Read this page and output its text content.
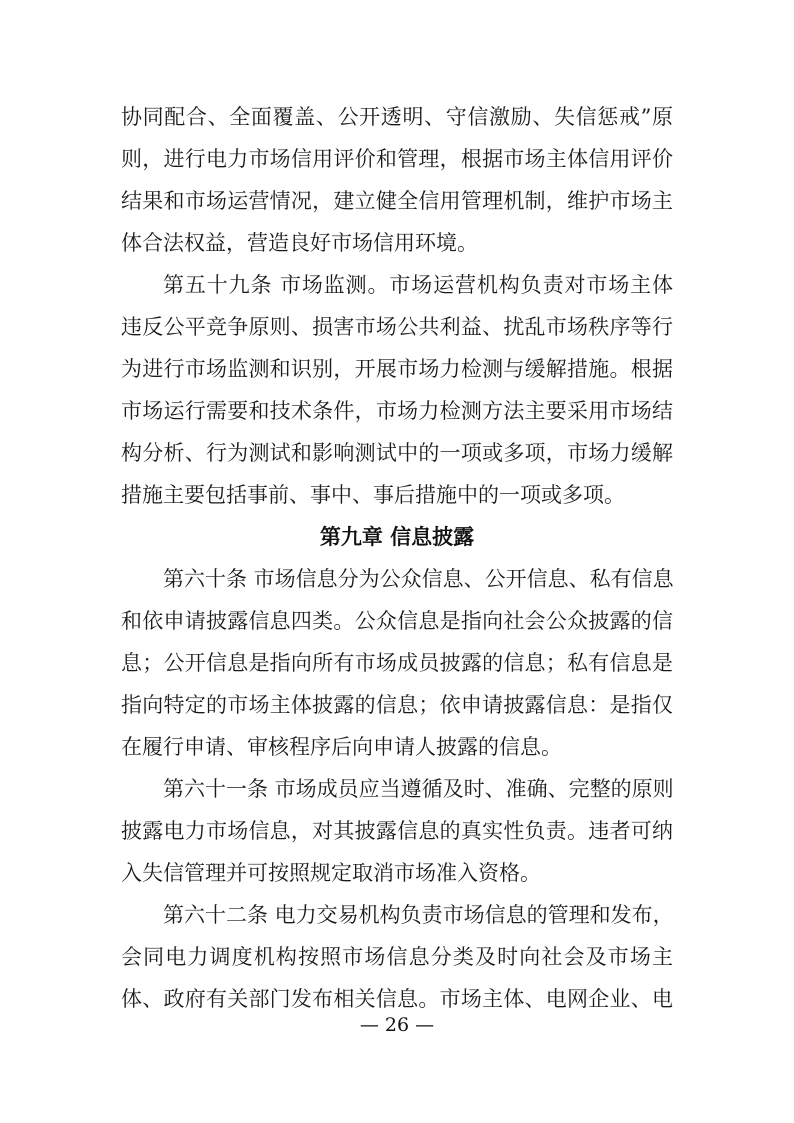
协同配合、全面覆盖、公开透明、守信激励、失信惩戒”原
则，进行电力市场信用评价和管理，根据市场主体信用评价
结果和市场运营情况，建立健全信用管理机制，维护市场主
体合法权益，营造良好市场信用环境。
第五十九条 市场监测。市场运营机构负责对市场主体
违反公平竞争原则、损害市场公共利益、扰乱市场秩序等行
为进行市场监测和识别，开展市场力检测与缓解措施。根据
市场运行需要和技术条件，市场力检测方法主要采用市场结
构分析、行为测试和影响测试中的一项或多项，市场力缓解
措施主要包括事前、事中、事后措施中的一项或多项。
第九章 信息披露
第六十条 市场信息分为公众信息、公开信息、私有信息
和依申请披露信息四类。公众信息是指向社会公众披露的信
息；公开信息是指向所有市场成员披露的信息；私有信息是
指向特定的市场主体披露的信息；依申请披露信息：是指仅
在履行申请、审核程序后向申请人披露的信息。
第六十一条 市场成员应当遵循及时、准确、完整的原则
披露电力市场信息，对其披露信息的真实性负责。违者可纳
入失信管理并可按照规定取消市场准入资格。
第六十二条 电力交易机构负责市场信息的管理和发布，
会同电力调度机构按照市场信息分类及时向社会及市场主
体、政府有关部门发布相关信息。市场主体、电网企业、电
— 26 —
